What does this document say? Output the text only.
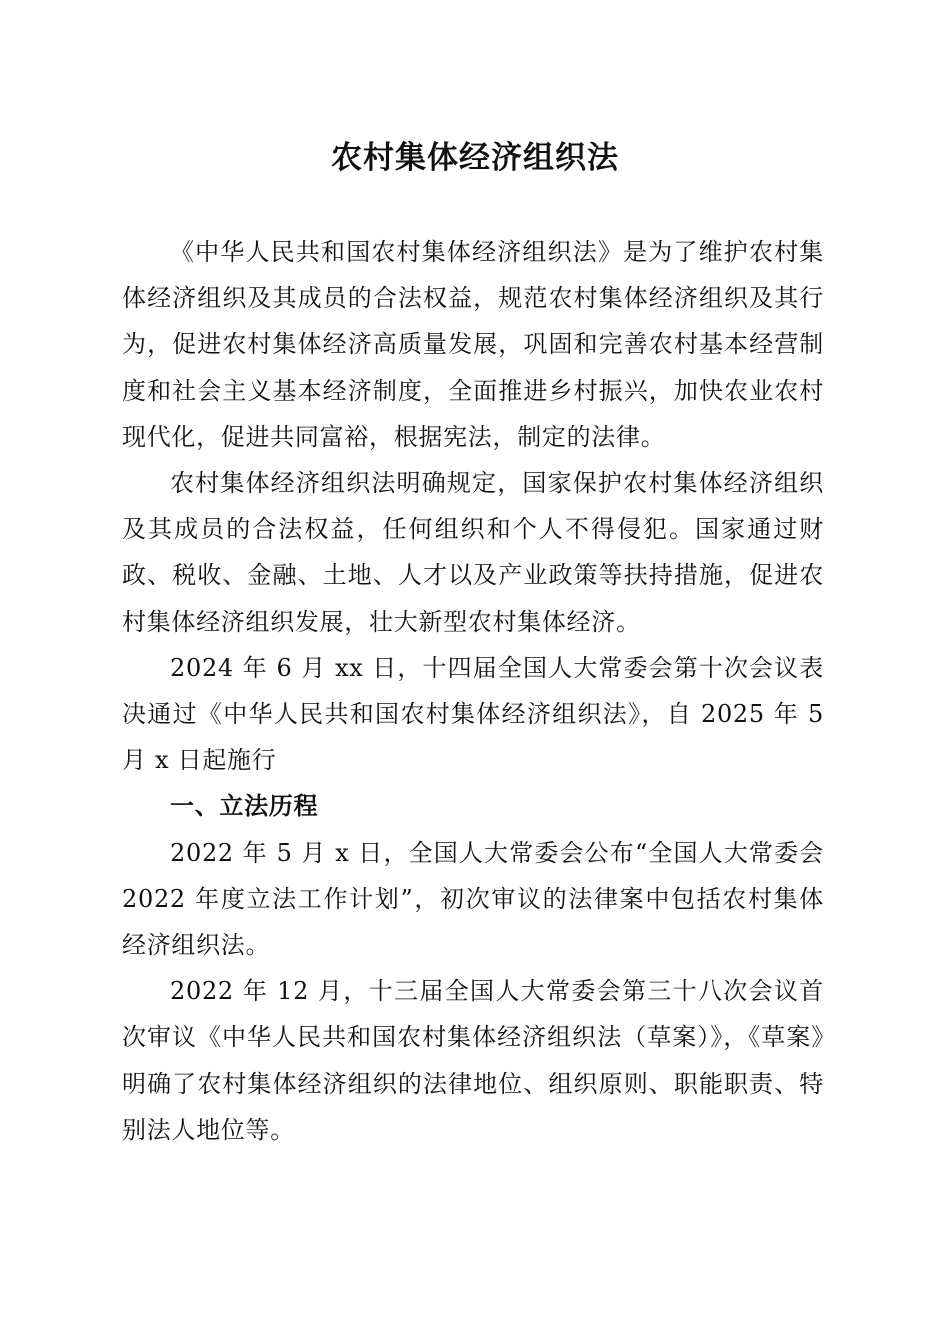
农村集体经济组织法

《中华人民共和国农村集体经济组织法》是为了维护农村集体经济组织及其成员的合法权益，规范农村集体经济组织及其行为，促进农村集体经济高质量发展，巩固和完善农村基本经营制度和社会主义基本经济制度，全面推进乡村振兴，加快农业农村现代化，促进共同富裕，根据宪法，制定的法律。

农村集体经济组织法明确规定，国家保护农村集体经济组织及其成员的合法权益，任何组织和个人不得侵犯。国家通过财政、税收、金融、土地、人才以及产业政策等扶持措施，促进农村集体经济组织发展，壮大新型农村集体经济。

2024 年 6 月 xx 日，十四届全国人大常委会第十次会议表决通过《中华人民共和国农村集体经济组织法》，自 2025 年 5 月 x 日起施行

一、立法历程

2022 年 5 月 x 日，全国人大常委会公布“全国人大常委会 2022 年度立法工作计划”，初次审议的法律案中包括农村集体经济组织法。

2022 年 12 月，十三届全国人大常委会第三十八次会议首次审议《中华人民共和国农村集体经济组织法（草案）》，《草案》明确了农村集体经济组织的法律地位、组织原则、职能职责、特别法人地位等。
